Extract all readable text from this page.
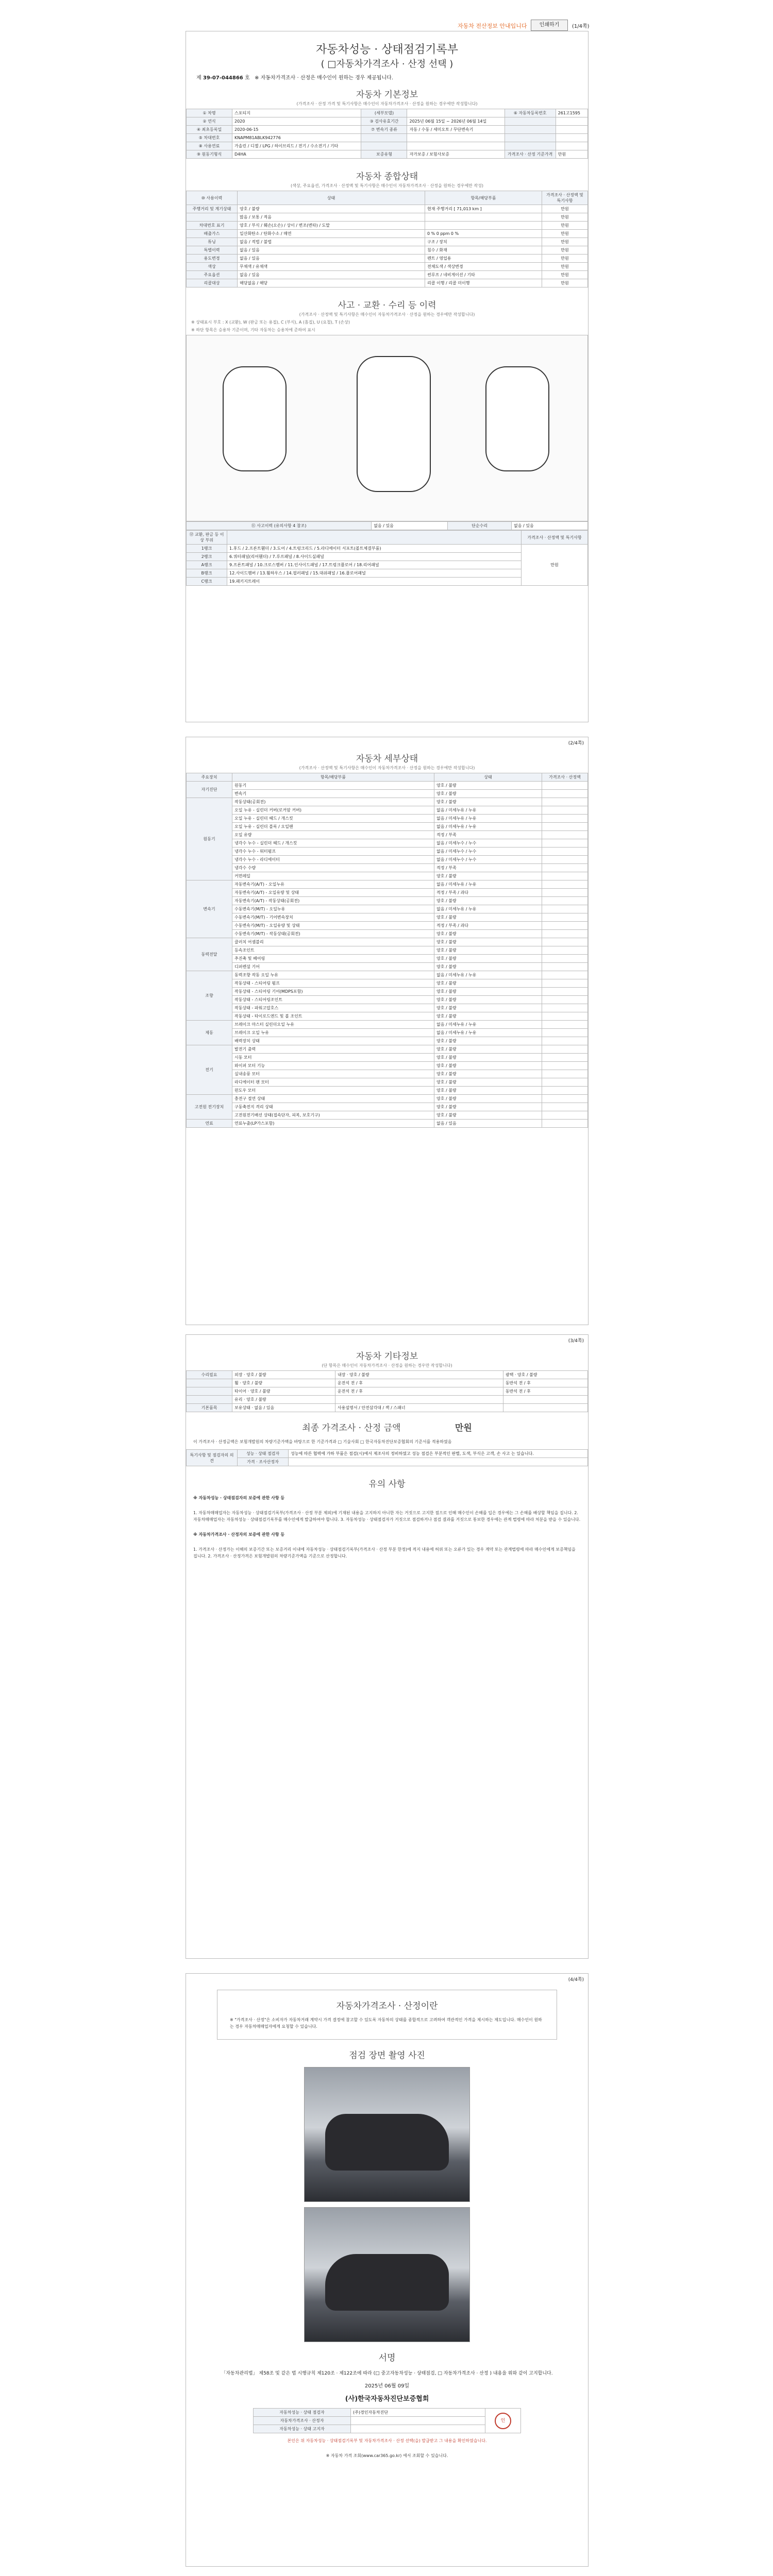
자동차 전산정보 안내입니다	인쇄하기	(1/4쪽)
자동차성능 · 상태점검기록부
( □자동차가격조사 · 산정 선택 )
제 39-07-044866 호 ※ 자동차가격조사 · 산정은 매수인이 원하는 경우 제공됩니다.
자동차 기본정보
(가격조사 · 산정 가격 및 특기사항은 매수인이 자동차가격조사 · 산정을 원하는 경우에만 작성합니다)
① 차명	스포티지	(세부모델)		⑥ 자동차등록번호	261고1595
② 연식	2020	③ 검사유효기간	2025년 06월 15일 ~ 2026년 06월 14일		
④ 최초등록일	2020-06-15	⑦ 변속기 종류	자동 / 수동 / 세미오토 / 무단변속기		
⑤ 차대번호	KNAPM81ABLK942776				
⑧ 사용연료	가솔린 / 디젤 / LPG / 하이브리드 / 전기 / 수소전기 / 기타				
⑨ 원동기형식	D4HA	보증유형	자가보증 / 보험사보증	가격조사 · 산정 기준가격	만원
자동차 종합상태
(색상, 주요옵션, 가격조사 · 산정액 및 특기사항은 매수인이 자동차가격조사 · 산정을 원하는 경우에만 작성)
⑩ 사용이력	상태	항목/해당부품	가격조사 · 산정액 및 특기사항
주행거리 및 계기상태	양호 / 불량	현재 주행거리 [ 71,013 km ]	만원
	많음 / 보통 / 적음		만원
차대번호 표기	양호 / 부식 / 훼손(오손) / 상이 / 변조(변타) / 도말		만원
배출가스	일산화탄소 / 탄화수소 / 매연	0 % 0 ppm 0 %	만원
튜닝	없음 / 적법 / 불법	구조 / 장치	만원
특별이력	없음 / 있음	침수 / 화재	만원
용도변경	없음 / 있음	렌트 / 영업용	만원
색상	무채색 / 유채색	전체도색 / 색상변경	만원
주요옵션	없음 / 있음	썬루프 / 네비게이션 / 기타	만원
리콜대상	해당없음 / 해당	리콜 이행 / 리콜 미이행	만원
사고 · 교환 · 수리 등 이력
(가격조사 · 산정액 및 특기사항은 매수인이 자동차가격조사 · 산정을 원하는 경우에만 작성합니다)
※ 상태표시 부호 : X (교환), W (판금 또는 용접), C (부식), A (흠집), U (요철), T (손상)
※ 하단 항목은 승용차 기준이며, 기타 자동차는 승용차에 준하여 표시
⑪ 사고이력 (유의사항 4 참조)	없음 / 있음	단순수리	없음 / 있음
⑫ 교환, 판금 등 이상 부위		가격조사 · 산정액 및 특기사항
1랭크	1.후드 / 2.프론트휀더 / 3.도어 / 4.트렁크리드 / 5.라디에이터 서포트(볼트체결부품)	만원
2랭크	6.쿼터패널(리어휀더) / 7.루프패널 / 8.사이드실패널	
A랭크	9.프론트패널 / 10.크로스멤버 / 11.인사이드패널 / 17.트렁크플로어 / 18.리어패널	
B랭크	12.사이드멤버 / 13.휠하우스 / 14.필러패널 / 15.대쉬패널 / 16.플로어패널	
C랭크	19.패키지트레이	
(2/4쪽)
자동차 세부상태
(가격조사 · 산정액 및 특기사항은 매수인이 자동차가격조사 · 산정을 원하는 경우에만 작성합니다)
주요장치	항목/해당부품	상태	가격조사 · 산정액
자기진단	원동기	양호 / 불량	
	변속기	양호 / 불량	
원동기	작동상태(공회전)	양호 / 불량	
	오일 누유 - 실린더 커버(로커암 커버)	없음 / 미세누유 / 누유	
	오일 누유 - 실린더 헤드 / 개스킷	없음 / 미세누유 / 누유	
	오일 누유 - 실린더 블록 / 오일팬	없음 / 미세누유 / 누유	
	오일 유량	적정 / 부족	
	냉각수 누수 - 실린더 헤드 / 개스킷	없음 / 미세누수 / 누수	
	냉각수 누수 - 워터펌프	없음 / 미세누수 / 누수	
	냉각수 누수 - 라디에이터	없음 / 미세누수 / 누수	
	냉각수 수량	적정 / 부족	
	커먼레일	양호 / 불량	
변속기	자동변속기(A/T) - 오일누유	없음 / 미세누유 / 누유	
	자동변속기(A/T) - 오일유량 및 상태	적정 / 부족 / 과다	
	자동변속기(A/T) - 작동상태(공회전)	양호 / 불량	
	수동변속기(M/T) - 오일누유	없음 / 미세누유 / 누유	
	수동변속기(M/T) - 기어변속장치	양호 / 불량	
	수동변속기(M/T) - 오일유량 및 상태	적정 / 부족 / 과다	
	수동변속기(M/T) - 작동상태(공회전)	양호 / 불량	
동력전달	클러치 어셈블리	양호 / 불량	
	등속조인트	양호 / 불량	
	추진축 및 베어링	양호 / 불량	
	디퍼렌셜 기어	양호 / 불량	
조향	동력조향 작동 오일 누유	없음 / 미세누유 / 누유	
	작동상태 - 스티어링 펌프	양호 / 불량	
	작동상태 - 스티어링 기어(MDPS포함)	양호 / 불량	
	작동상태 - 스티어링조인트	양호 / 불량	
	작동상태 - 파워고압호스	양호 / 불량	
	작동상태 - 타이로드엔드 및 볼 조인트	양호 / 불량	
제동	브레이크 마스터 실린더오일 누유	없음 / 미세누유 / 누유	
	브레이크 오일 누유	없음 / 미세누유 / 누유	
	배력장치 상태	양호 / 불량	
전기	발전기 출력	양호 / 불량	
	시동 모터	양호 / 불량	
	와이퍼 모터 기능	양호 / 불량	
	실내송풍 모터	양호 / 불량	
	라디에이터 팬 모터	양호 / 불량	
	윈도우 모터	양호 / 불량	
고전원 전기장치	충전구 절연 상태	양호 / 불량	
	구동축전지 격리 상태	양호 / 불량	
	고전원전기배선 상태(접속단자, 피복, 보호기구)	양호 / 불량	
연료	연료누출(LP가스포함)	없음 / 있음	
(3/4쪽)
자동차 기타정보
(단 항목은 매수인이 자동차가격조사 · 산정을 원하는 경우만 작성합니다)
수리필요	외장 · 양호 / 불량	내장 · 양호 / 불량	광택 · 양호 / 불량
	휠 · 양호 / 불량	운전석 전 / 후	동반석 전 / 후
	타이어 · 양호 / 불량	운전석 전 / 후	동반석 전 / 후
	유리 · 양호 / 불량		
기본품목	보유상태 · 없음 / 있음	사용설명서 / 안전삼각대 / 잭 / 스패너	
최종 가격조사 · 산정 금액	만원
이 가격조사 · 산정금액은 보험개발원의 차량기준가액을 바탕으로 한 기준가격과 □ 기술사회 □ 한국자동차진단보증협회의 기준서를 적용하였음
특기사항 및 점검자의 의견	성능 · 상태 점검자	성능에 따른 협력에 가하 부품은 점검(시)에서 제조사의 정비하였고 성능 점검은 부분적인 판별, 도색, 부식은 고객, 손 사고 는 있습니다.
	가격 · 조사산정자	
유의 사항
※ 자동차성능 · 상태점검자의 보증에 관한 사항 등
1. 자동차매매업자는 자동차성능 · 상태점검기록부(가격조사 · 산정 부분 제외)에 기재된 내용을 고지하지 아니한 자는 거짓으로 고지한 점으로 인해 매수인이 손해를 입은 경우에는 그 손해를 배상할 책임을 집니다. 2. 자동차매매업자는 자동차성능 · 상태점검기록부를 매수인에게 발급하여야 합니다. 3. 자동차성능 · 상태점검자가 거짓으로 점검하거나 점검 결과를 거짓으로 통보한 경우에는 관계 법령에 따라 처분을 받을 수 있습니다.
※ 자동차가격조사 · 산정자의 보증에 관한 사항 등
1. 가격조사 · 산정가는 이해의 보증기간 또는 보증거리 이내에 자동차성능 · 상태점검기록부(가격조사 · 산정 부분 한정)에 적지 내용에 허위 또는 오류가 있는 경우 계약 또는 관계법령에 따라 매수인에게 보증책임을 집니다. 2. 가격조사 · 산정가격은 보험개발원의 차량기준가액을 기준으로 산정합니다.
(4/4쪽)
자동차가격조사 · 산정이란
※ "가격조사 · 산정"은 소비자가 자동차거래 계약시 가격 결정에 참고할 수 있도록 자동차의 상태를 종합적으로 고려하여 객관적인 가격을 제시하는 제도입니다. 매수인이 원하는 경우 자동차매매업자에게 요청할 수 있습니다.
점검 장면 촬영 사진
서명
「자동차관리법」 제58조 및 같은 법 시행규칙 제120조 · 제122조에 따라 (□ 중고자동차성능 · 상태점검, □ 자동차가격조사 · 산정 ) 내용을 위와 같이 고지합니다.
2025년 06월 09일
(사)한국자동차진단보증협회
자동차성능 · 상태 점검자	(주)경인자동차진단	인
자동차가격조사 · 산정자		
자동차성능 · 상태 고지자		
본인은 위 자동차성능 · 상태점검기록부 및 자동차가격조사 · 산정 선택(을) 발급받고 그 내용을 확인하였습니다.
※ 자동차 가격 조회(www.car365.go.kr) 에서 조회할 수 있습니다.
